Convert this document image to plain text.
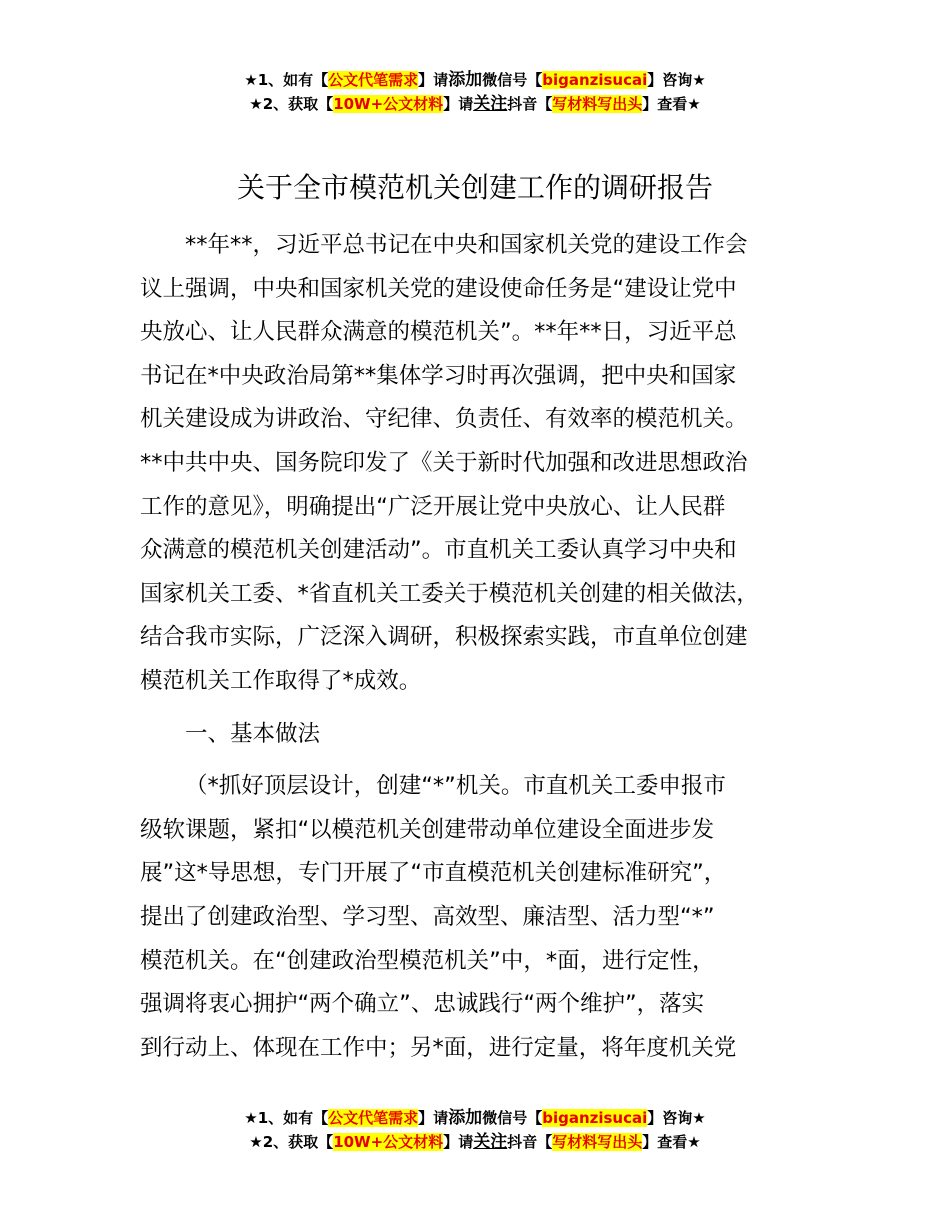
★1、如有【公文代笔需求】请添加微信号【biganzisucai】咨询★
★2、获取【10W+公文材料】请关注抖音【写材料写出头】查看★
关于全市模范机关创建工作的调研报告
**年**，习近平总书记在中央和国家机关党的建设工作会
议上强调，中央和国家机关党的建设使命任务是“建设让党中
央放心、让人民群众满意的模范机关”。**年**日，习近平总
书记在*中央政治局第**集体学习时再次强调，把中央和国家
机关建设成为讲政治、守纪律、负责任、有效率的模范机关。
**中共中央、国务院印发了《关于新时代加强和改进思想政治
工作的意见》，明确提出“广泛开展让党中央放心、让人民群
众满意的模范机关创建活动”。市直机关工委认真学习中央和
国家机关工委、*省直机关工委关于模范机关创建的相关做法，
结合我市实际，广泛深入调研，积极探索实践，市直单位创建
模范机关工作取得了*成效。
一、基本做法
（*抓好顶层设计，创建“*”机关。市直机关工委申报市
级软课题，紧扣“以模范机关创建带动单位建设全面进步发
展”这*导思想，专门开展了“市直模范机关创建标准研究”，
提出了创建政治型、学习型、高效型、廉洁型、活力型“*”
模范机关。在“创建政治型模范机关”中，*面，进行定性，
强调将衷心拥护“两个确立”、忠诚践行“两个维护”，落实
到行动上、体现在工作中；另*面，进行定量，将年度机关党
★1、如有【公文代笔需求】请添加微信号【biganzisucai】咨询★
★2、获取【10W+公文材料】请关注抖音【写材料写出头】查看★
